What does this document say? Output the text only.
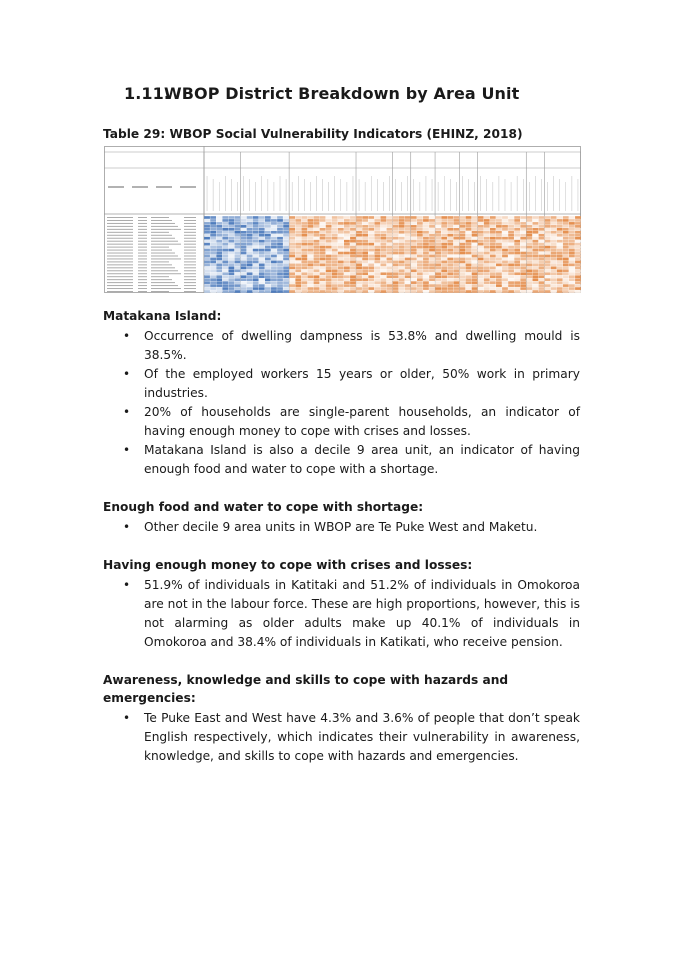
1.11.WBOP District Breakdown by Area Unit
Table 29: WBOP Social Vulnerability Indicators (EHINZ, 2018)
Matakana Island:
• Occurrence of dwelling dampness is 53.8% and dwelling mould is 38.5%.
• Of the employed workers 15 years or older, 50% work in primary industries.
• 20% of households are single-parent households, an indicator of having enough money to cope with crises and losses.
• Matakana Island is also a decile 9 area unit, an indicator of having enough food and water to cope with a shortage.
Enough food and water to cope with shortage:
• Other decile 9 area units in WBOP are Te Puke West and Maketu.
Having enough money to cope with crises and losses:
• 51.9% of individuals in Katitaki and 51.2% of individuals in Omokoroa are not in the labour force. These are high proportions, however, this is not alarming as older adults make up 40.1% of individuals in Omokoroa and 38.4% of individuals in Katikati, who receive pension.
Awareness, knowledge and skills to cope with hazards and emergencies:
• Te Puke East and West have 4.3% and 3.6% of people that don’t speak English respectively, which indicates their vulnerability in awareness, knowledge, and skills to cope with hazards and emergencies.
